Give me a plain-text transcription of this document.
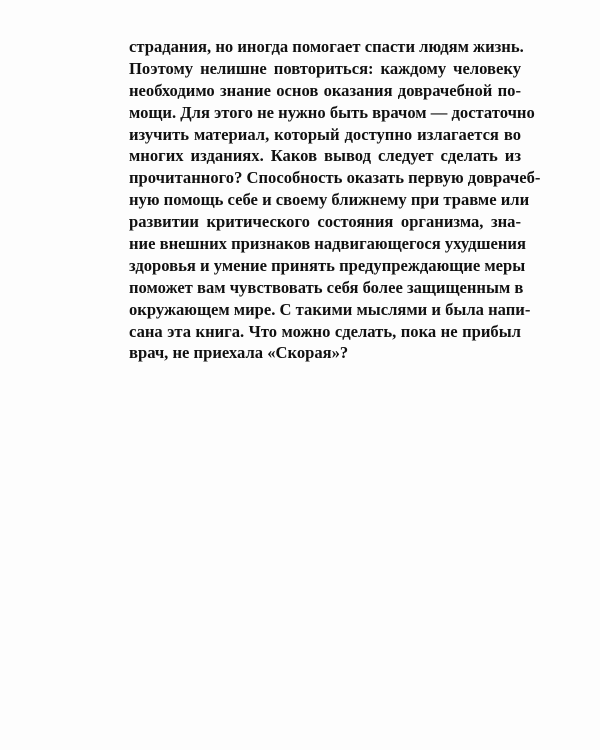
страдания, но иногда помогает спасти людям жизнь.
Поэтому нелишне повториться: каждому человеку
необходимо знание основ оказания доврачебной по-
мощи. Для этого не нужно быть врачом — достаточно
изучить материал, который доступно излагается во
многих изданиях. Каков вывод следует сделать из
прочитанного? Способность оказать первую доврачеб-
ную помощь себе и своему ближнему при травме или
развитии критического состояния организма, зна-
ние внешних признаков надвигающегося ухудшения
здоровья и умение принять предупреждающие меры
поможет вам чувствовать себя более защищенным в
окружающем мире. С такими мыслями и была напи-
сана эта книга. Что можно сделать, пока не прибыл
врач, не приехала «Скорая»?
